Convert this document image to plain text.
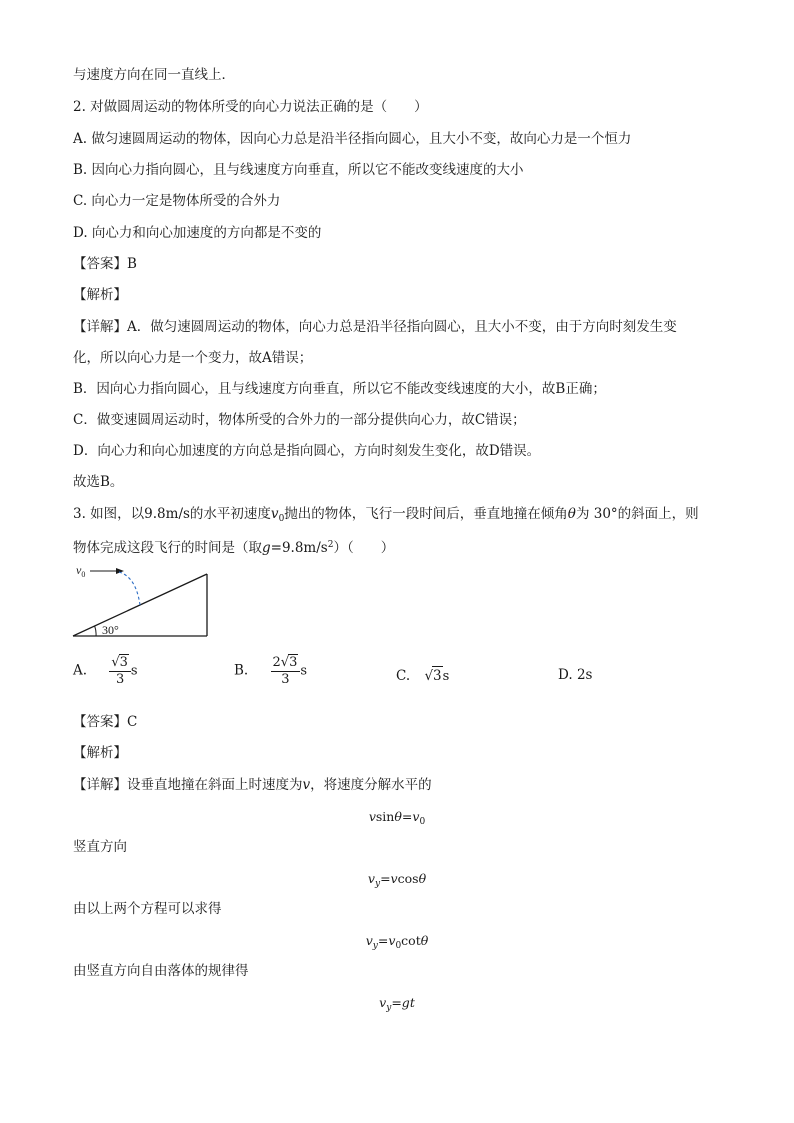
与速度方向在同一直线上．
2. 对做圆周运动的物体所受的向心力说法正确的是（　　）
A. 做匀速圆周运动的物体，因向心力总是沿半径指向圆心，且大小不变，故向心力是一个恒力
B. 因向心力指向圆心，且与线速度方向垂直，所以它不能改变线速度的大小
C. 向心力一定是物体所受的合外力
D. 向心力和向心加速度的方向都是不变的
【答案】B
【解析】
【详解】A．做匀速圆周运动的物体，向心力总是沿半径指向圆心，且大小不变，由于方向时刻发生变
化，所以向心力是一个变力，故A错误；
B．因向心力指向圆心，且与线速度方向垂直，所以它不能改变线速度的大小，故B正确；
C．做变速圆周运动时，物体所受的合外力的一部分提供向心力，故C错误；
D．向心力和向心加速度的方向总是指向圆心，方向时刻发生变化，故D错误。
故选B。
3. 如图，以9.8m/s的水平初速度$v_0$抛出的物体，飞行一段时间后，垂直地撞在倾角θ为 30°的斜面上，则
物体完成这段飞行的时间是（取$g=9.8m/s^2$）（　　）
$v_0$
30°
A. $\frac{√3}{3}$ s	B. $\frac{2√3}{3}$ s	C. √3s	D. 2s
【答案】C
【解析】
【详解】设垂直地撞在斜面上时速度为v，将速度分解水平的
$vsin\theta=v_0$
竖直方向
$v_y=vcos\theta$
由以上两个方程可以求得
$v_y=v_0\cot\theta$
由竖直方向自由落体的规律得
$v_y=gt$
